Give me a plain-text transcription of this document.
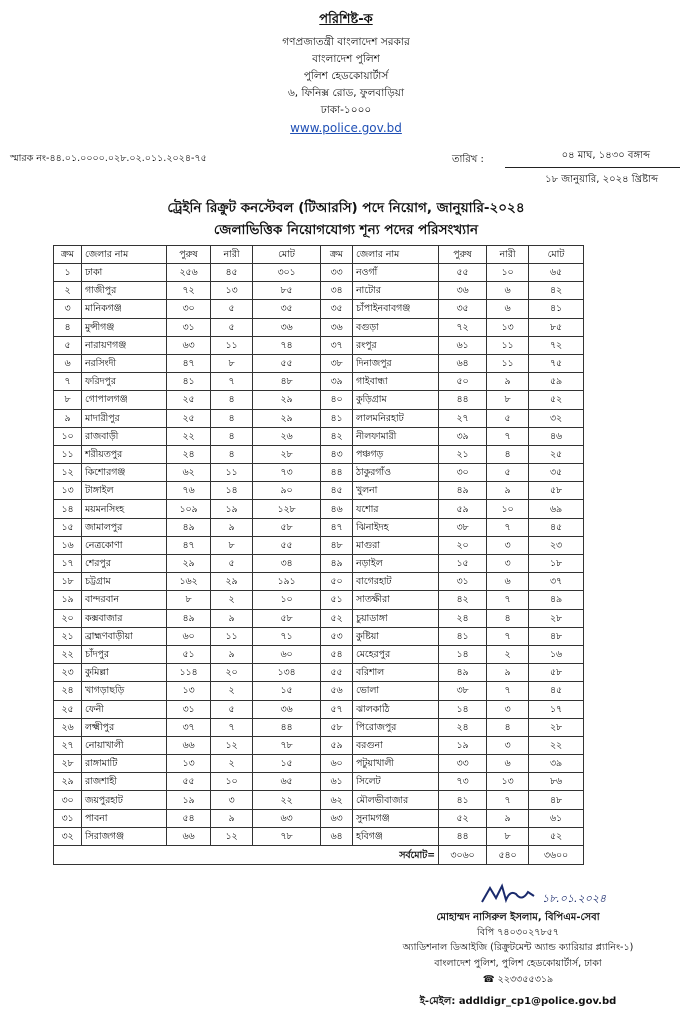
পরিশিষ্ট-ক
গণপ্রজাতন্ত্রী বাংলাদেশ সরকার
বাংলাদেশ পুলিশ
পুলিশ হেডকোয়ার্টার্স
৬, ফিনিক্স রোড, ফুলবাড়িয়া
ঢাকা-১০০০
www.police.gov.bd
স্মারক নং-৪৪.০১.০০০০.০২৮.০২.০১১.২০২৪-৭৫	তারিখ :	০৪ মাঘ, ১৪৩০ বঙ্গাব্দ
১৮ জানুয়ারি, ২০২৪ খ্রিষ্টাব্দ
ট্রেইনি রিক্রুট কনস্টেবল (টিআরসি) পদে নিয়োগ, জানুয়ারি-২০২৪
জেলাভিত্তিক নিয়োগযোগ্য শূন্য পদের পরিসংখ্যান
ক্রম	জেলার নাম	পুরুষ	নারী	মোট	ক্রম	জেলার নাম	পুরুষ	নারী	মোট
১	ঢাকা	২৫৬	৪৫	৩০১	৩৩	নওগাঁ	৫৫	১০	৬৫
২	গাজীপুর	৭২	১৩	৮৫	৩৪	নাটোর	৩৬	৬	৪২
৩	মানিকগঞ্জ	৩০	৫	৩৫	৩৫	চাঁপাইনবাবগঞ্জ	৩৫	৬	৪১
৪	মুন্সীগঞ্জ	৩১	৫	৩৬	৩৬	বগুড়া	৭২	১৩	৮৫
৫	নারায়ণগঞ্জ	৬৩	১১	৭৪	৩৭	রংপুর	৬১	১১	৭২
৬	নরসিংদী	৪৭	৮	৫৫	৩৮	দিনাজপুর	৬৪	১১	৭৫
৭	ফরিদপুর	৪১	৭	৪৮	৩৯	গাইবান্ধা	৫০	৯	৫৯
৮	গোপালগঞ্জ	২৫	৪	২৯	৪০	কুড়িগ্রাম	৪৪	৮	৫২
৯	মাদারীপুর	২৫	৪	২৯	৪১	লালমনিরহাট	২৭	৫	৩২
১০	রাজবাড়ী	২২	৪	২৬	৪২	নীলফামারী	৩৯	৭	৪৬
১১	শরীয়তপুর	২৪	৪	২৮	৪৩	পঞ্চগড়	২১	৪	২৫
১২	কিশোরগঞ্জ	৬২	১১	৭৩	৪৪	ঠাকুরগাঁও	৩০	৫	৩৫
১৩	টাঙ্গাইল	৭৬	১৪	৯০	৪৫	খুলনা	৪৯	৯	৫৮
১৪	ময়মনসিংহ	১০৯	১৯	১২৮	৪৬	যশোর	৫৯	১০	৬৯
১৫	জামালপুর	৪৯	৯	৫৮	৪৭	ঝিনাইদহ	৩৮	৭	৪৫
১৬	নেত্রকোণা	৪৭	৮	৫৫	৪৮	মাগুরা	২০	৩	২৩
১৭	শেরপুর	২৯	৫	৩৪	৪৯	নড়াইল	১৫	৩	১৮
১৮	চট্টগ্রাম	১৬২	২৯	১৯১	৫০	বাগেরহাট	৩১	৬	৩৭
১৯	বান্দরবান	৮	২	১০	৫১	সাতক্ষীরা	৪২	৭	৪৯
২০	কক্সবাজার	৪৯	৯	৫৮	৫২	চুয়াডাঙ্গা	২৪	৪	২৮
২১	ব্রাহ্মণবাড়ীয়া	৬০	১১	৭১	৫৩	কুষ্টিয়া	৪১	৭	৪৮
২২	চাঁদপুর	৫১	৯	৬০	৫৪	মেহেরপুর	১৪	২	১৬
২৩	কুমিল্লা	১১৪	২০	১৩৪	৫৫	বরিশাল	৪৯	৯	৫৮
২৪	খাগড়াছড়ি	১৩	২	১৫	৫৬	ভোলা	৩৮	৭	৪৫
২৫	ফেনী	৩১	৫	৩৬	৫৭	ঝালকাঠি	১৪	৩	১৭
২৬	লক্ষ্মীপুর	৩৭	৭	৪৪	৫৮	পিরোজপুর	২৪	৪	২৮
২৭	নোয়াখালী	৬৬	১২	৭৮	৫৯	বরগুনা	১৯	৩	২২
২৮	রাঙ্গামাটি	১৩	২	১৫	৬০	পটুয়াখালী	৩৩	৬	৩৯
২৯	রাজশাহী	৫৫	১০	৬৫	৬১	সিলেট	৭৩	১৩	৮৬
৩০	জয়পুরহাট	১৯	৩	২২	৬২	মৌলভীবাজার	৪১	৭	৪৮
৩১	পাবনা	৫৪	৯	৬৩	৬৩	সুনামগঞ্জ	৫২	৯	৬১
৩২	সিরাজগঞ্জ	৬৬	১২	৭৮	৬৪	হবিগঞ্জ	৪৪	৮	৫২
সর্বমোট=							৩০৬০	৫৪০	৩৬০০
১৮.০১.২০২৪
মোহাম্মদ নাসিরুল ইসলাম, বিপিএম-সেবা
বিপি ৭৪০৩০২৭৮৫৭
অ্যাডিশনাল ডিআইজি (রিক্রুটমেন্ট অ্যান্ড ক্যারিয়ার প্ল্যানিং-১)
বাংলাদেশ পুলিশ, পুলিশ হেডকোয়ার্টার্স, ঢাকা
☎ ২২৩৩৫৫৩১৯
ই-মেইল: addldigr_cp1@police.gov.bd
